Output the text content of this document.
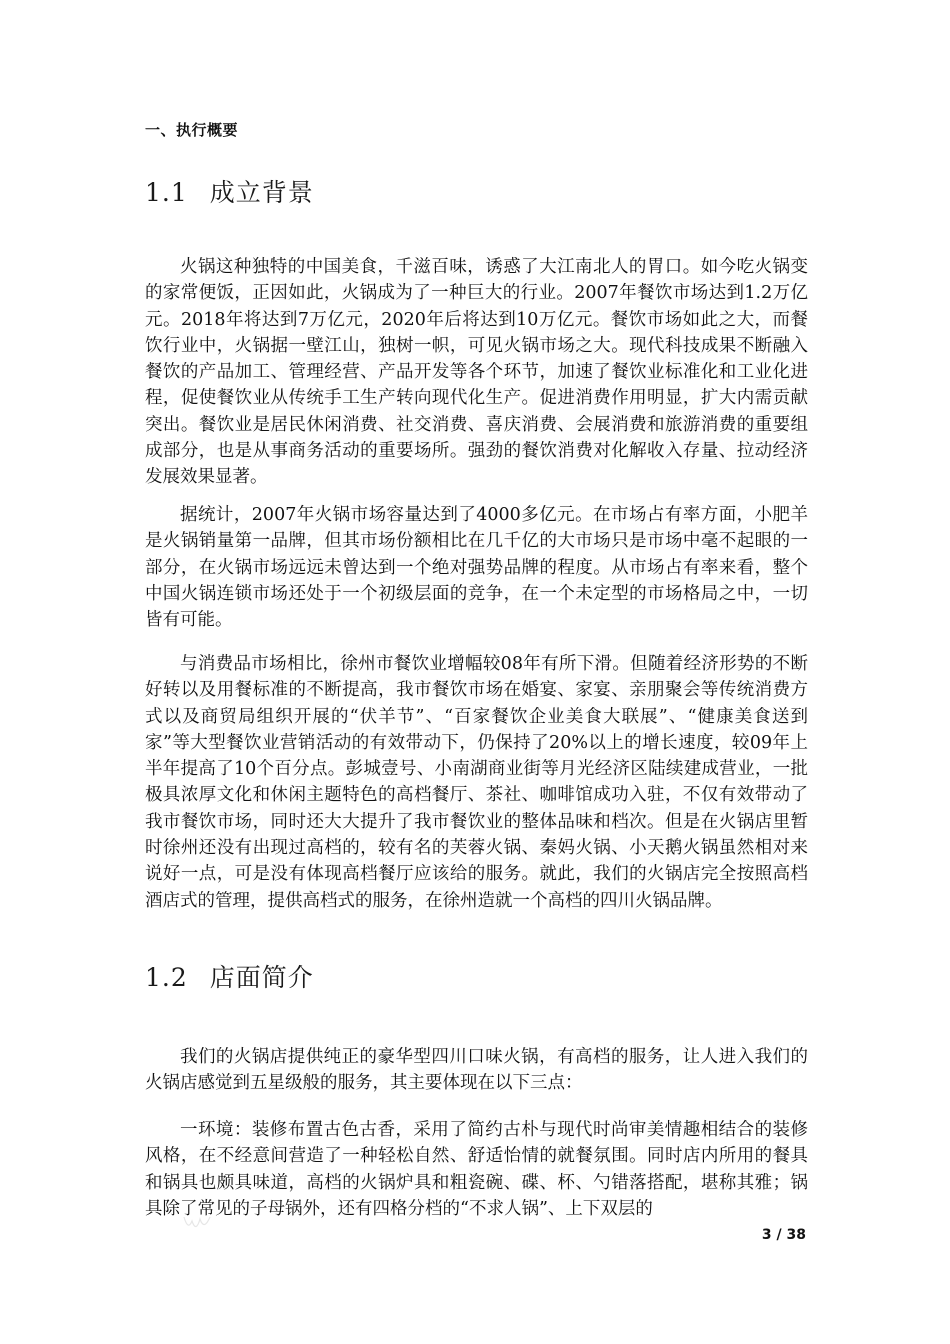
一、执行概要
1.1 成立背景

火锅这种独特的中国美食，千滋百味，诱惑了大江南北人的胃口。如今吃火锅变的家常便饭，正因如此，火锅成为了一种巨大的行业。2007年餐饮市场达到1.2万亿元。2018年将达到7万亿元，2020年后将达到10万亿元。餐饮市场如此之大，而餐饮行业中，火锅据一壁江山，独树一帜，可见火锅市场之大。现代科技成果不断融入餐饮的产品加工、管理经营、产品开发等各个环节，加速了餐饮业标准化和工业化进程，促使餐饮业从传统手工生产转向现代化生产。促进消费作用明显，扩大内需贡献突出。餐饮业是居民休闲消费、社交消费、喜庆消费、会展消费和旅游消费的重要组成部分，也是从事商务活动的重要场所。强劲的餐饮消费对化解收入存量、拉动经济发展效果显著。

据统计，2007年火锅市场容量达到了4000多亿元。在市场占有率方面，小肥羊是火锅销量第一品牌，但其市场份额相比在几千亿的大市场只是市场中毫不起眼的一部分，在火锅市场远远未曾达到一个绝对强势品牌的程度。从市场占有率来看，整个中国火锅连锁市场还处于一个初级层面的竞争，在一个未定型的市场格局之中，一切皆有可能。

与消费品市场相比，徐州市餐饮业增幅较08年有所下滑。但随着经济形势的不断好转以及用餐标准的不断提高，我市餐饮市场在婚宴、家宴、亲朋聚会等传统消费方式以及商贸局组织开展的“伏羊节”、“百家餐饮企业美食大联展”、“健康美食送到家”等大型餐饮业营销活动的有效带动下，仍保持了20%以上的增长速度，较09年上半年提高了10个百分点。彭城壹号、小南湖商业街等月光经济区陆续建成营业，一批极具浓厚文化和休闲主题特色的高档餐厅、茶社、咖啡馆成功入驻，不仅有效带动了我市餐饮市场，同时还大大提升了我市餐饮业的整体品味和档次。但是在火锅店里暂时徐州还没有出现过高档的，较有名的芙蓉火锅、秦妈火锅、小天鹅火锅虽然相对来说好一点，可是没有体现高档餐厅应该给的服务。就此，我们的火锅店完全按照高档酒店式的管理，提供高档式的服务，在徐州造就一个高档的四川火锅品牌。

1.2 店面简介

我们的火锅店提供纯正的豪华型四川口味火锅，有高档的服务，让人进入我们的火锅店感觉到五星级般的服务，其主要体现在以下三点：

一环境：装修布置古色古香，采用了简约古朴与现代时尚审美情趣相结合的装修风格，在不经意间营造了一种轻松自然、舒适怡情的就餐氛围。同时店内所用的餐具和锅具也颇具味道，高档的火锅炉具和粗瓷碗、碟、杯、勺错落搭配，堪称其雅；锅具除了常见的子母锅外，还有四格分档的“不求人锅”、上下双层的

3 / 38
